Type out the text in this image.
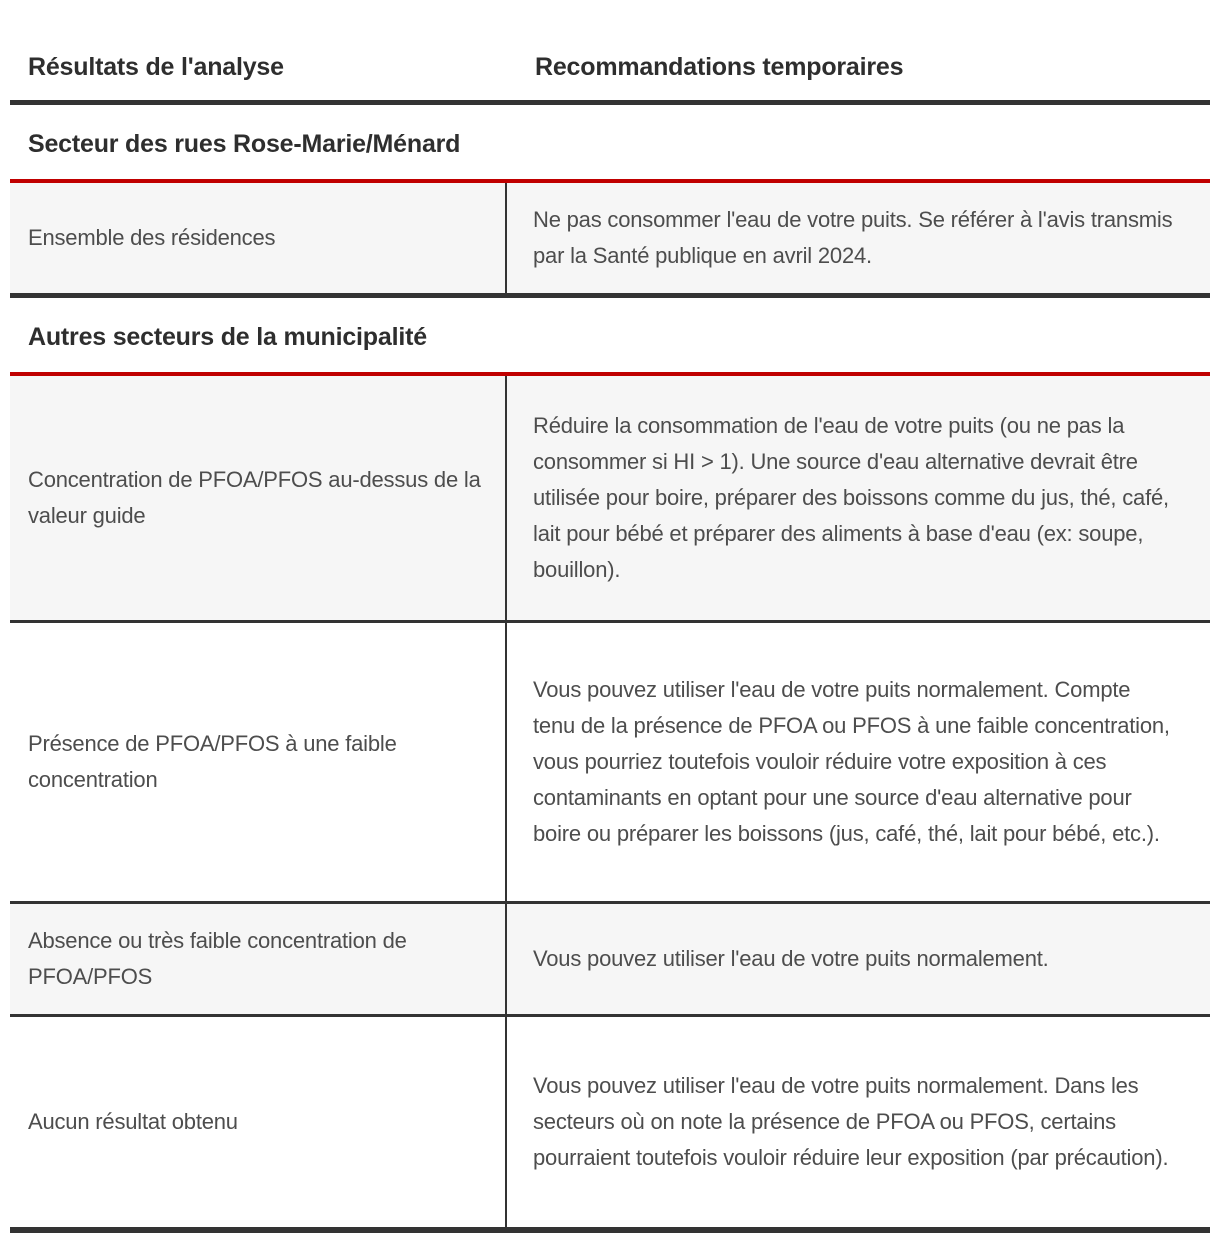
Résultats de l'analyse	Recommandations temporaires
Secteur des rues Rose-Marie/Ménard
Ensemble des résidences
Ne pas consommer l'eau de votre puits. Se référer à l'avis transmis par la Santé publique en avril 2024.
Autres secteurs de la municipalité
Concentration de PFOA/PFOS au-dessus de la valeur guide
Réduire la consommation de l'eau de votre puits (ou ne pas la consommer si HI > 1). Une source d'eau alternative devrait être utilisée pour boire, préparer des boissons comme du jus, thé, café, lait pour bébé et préparer des aliments à base d'eau (ex: soupe, bouillon).
Présence de PFOA/PFOS à une faible concentration
Vous pouvez utiliser l'eau de votre puits normalement. Compte tenu de la présence de PFOA ou PFOS à une faible concentration, vous pourriez toutefois vouloir réduire votre exposition à ces contaminants en optant pour une source d'eau alternative pour boire ou préparer les boissons (jus, café, thé, lait pour bébé, etc.).
Absence ou très faible concentration de PFOA/PFOS
Vous pouvez utiliser l'eau de votre puits normalement.
Aucun résultat obtenu
Vous pouvez utiliser l'eau de votre puits normalement. Dans les secteurs où on note la présence de PFOA ou PFOS, certains pourraient toutefois vouloir réduire leur exposition (par précaution).
